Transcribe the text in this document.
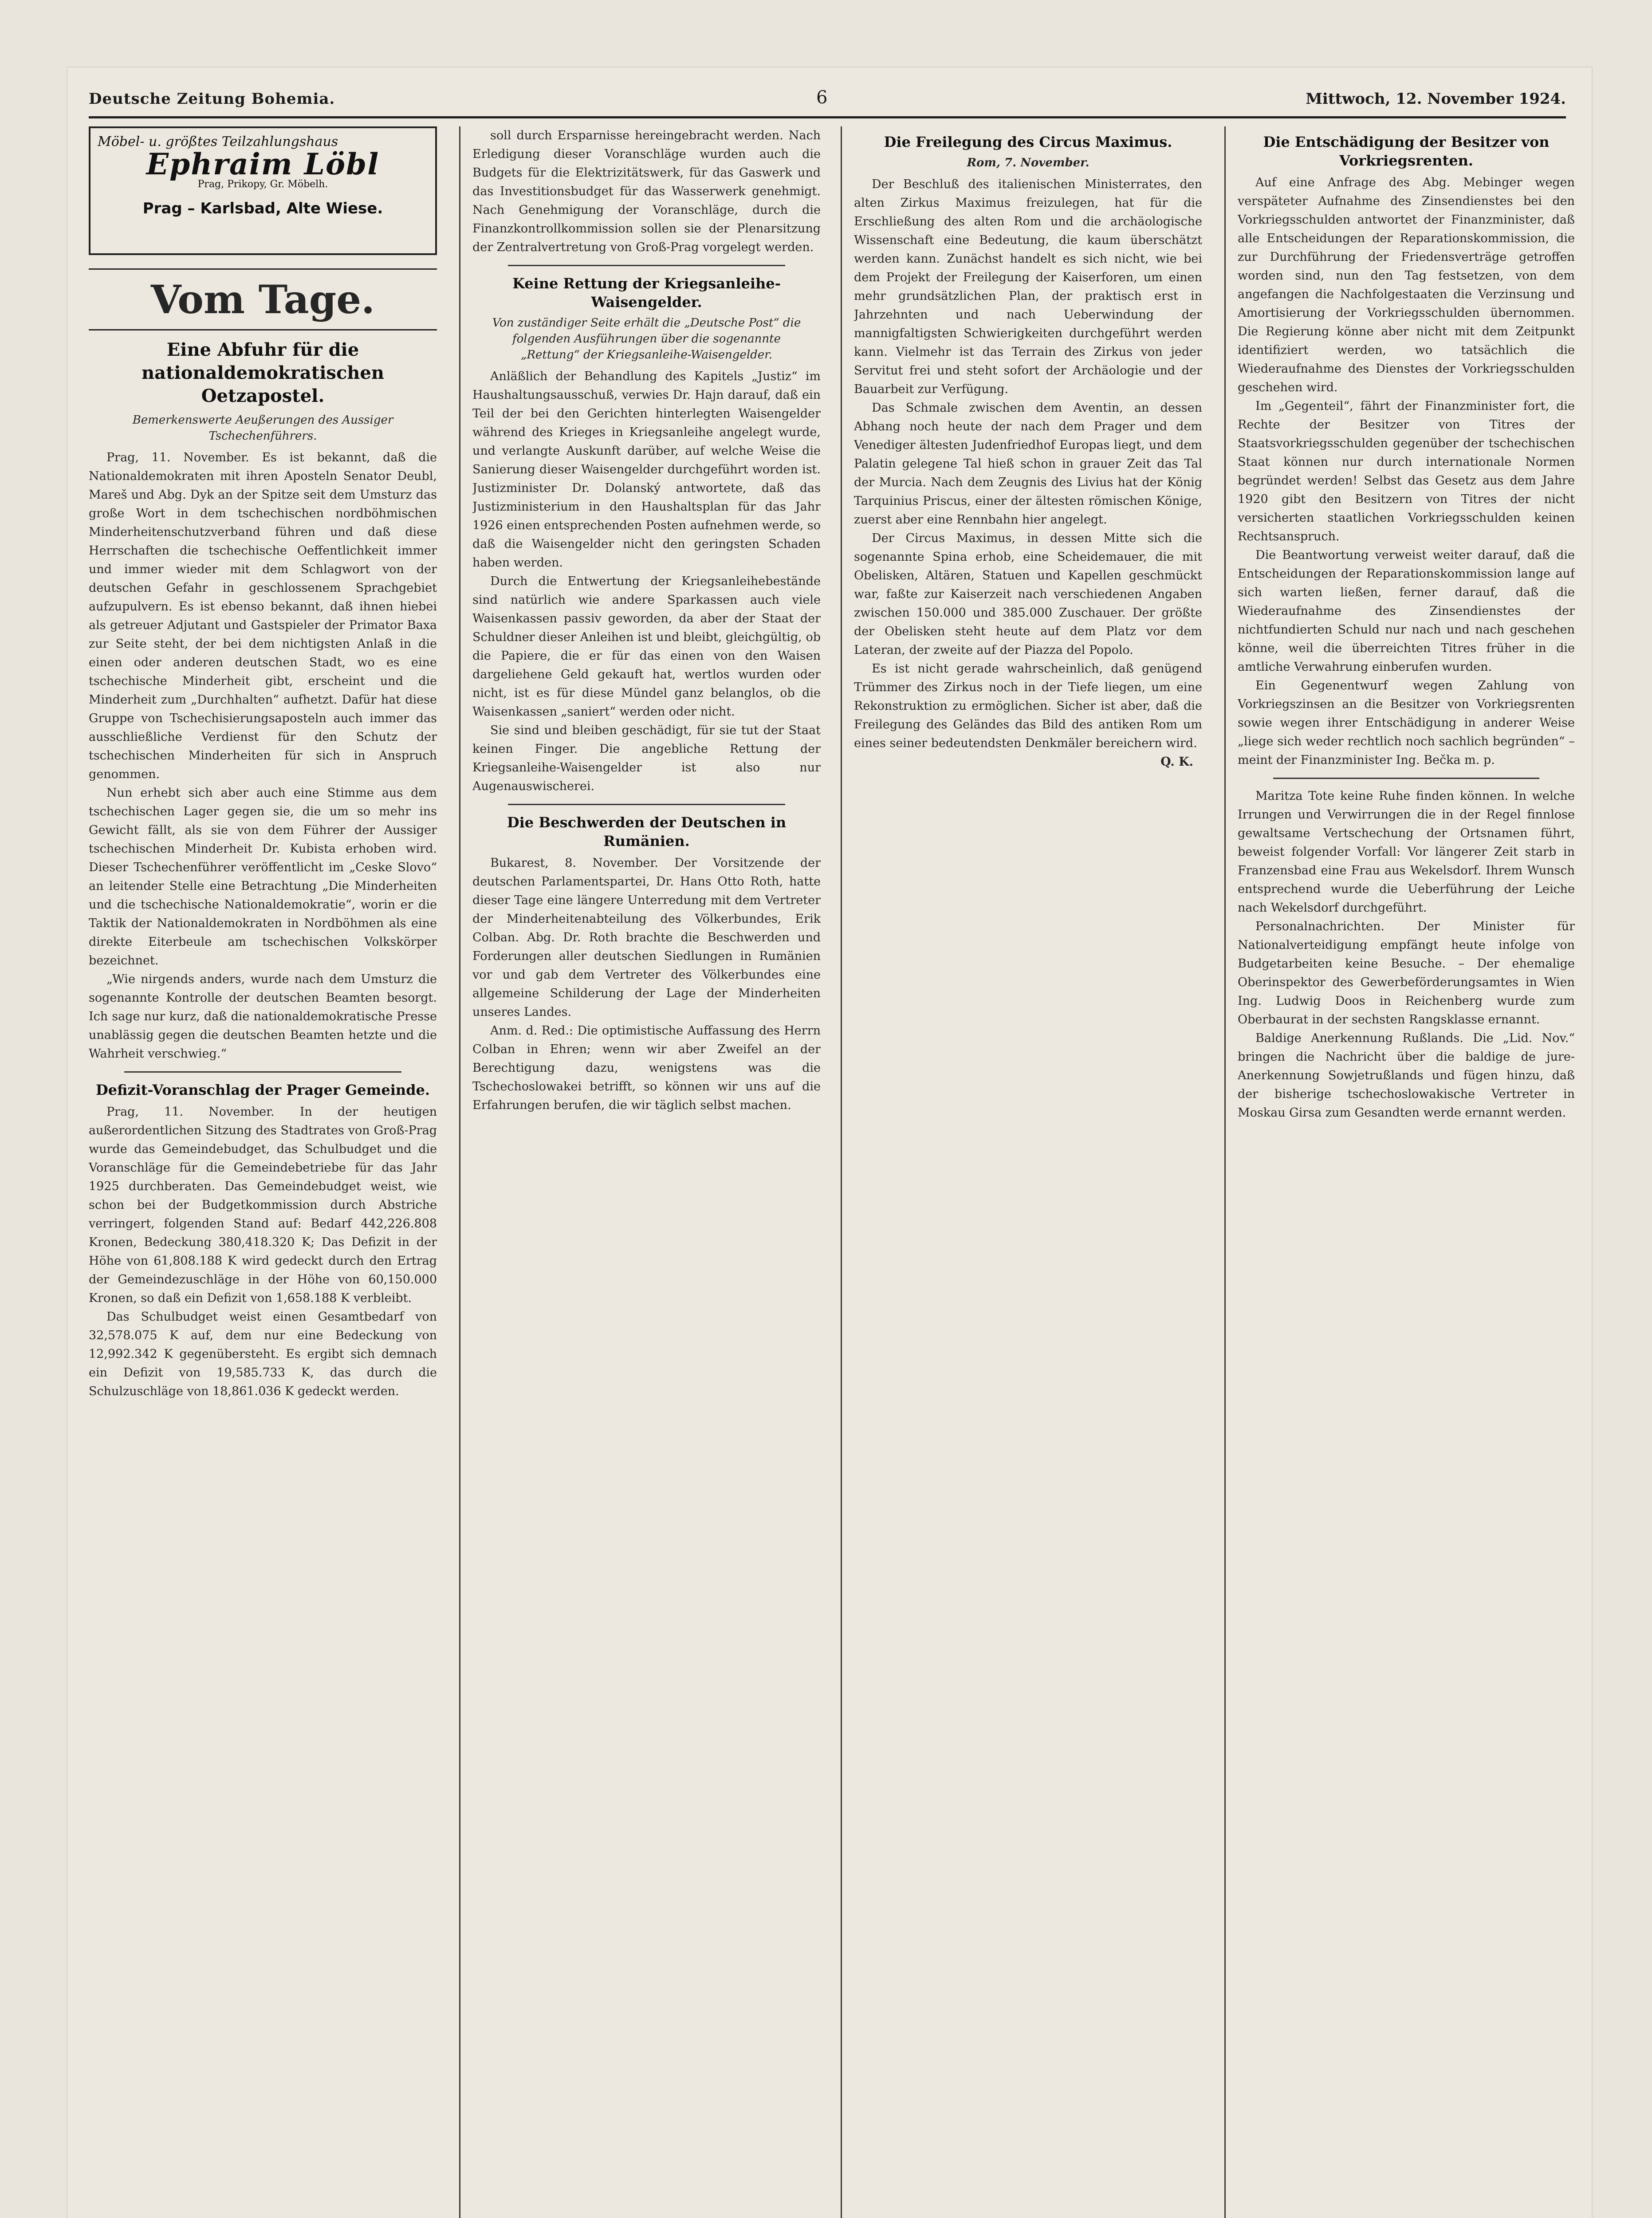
Deutsche Zeitung Bohemia.	6	Mittwoch, 12. November 1924.
Möbel- u. größtes Teilzahlungshaus
Ephraim Löbl
Prag, Prikopy, Gr. Möbelh.
Prag – Karlsbad, Alte Wiese.
Vom Tage.
Eine Abfuhr für die nationaldemokratischen Oetzapostel.
Bemerkenswerte Aeußerungen des Aussiger Tschechenführers.

Prag, 11. November. Es ist bekannt, daß die Nationaldemokraten mit ihren Aposteln Senator Deubl, Mareš und Abg. Dyk an der Spitze seit dem Umsturz das große Wort in dem tschechischen nordböhmischen Minderheitenschutzverband führen und daß diese Herrschaften die tschechische Oeffentlichkeit immer und immer wieder mit dem Schlagwort von der deutschen Gefahr in geschlossenem Sprachgebiet aufzupulvern. Es ist ebenso bekannt, daß ihnen hiebei als getreuer Adjutant und Gastspieler der Primator Baxa zur Seite steht, der bei dem nichtigsten Anlaß in die einen oder anderen deutschen Stadt, wo es eine tschechische Minderheit gibt, erscheint und die Minderheit zum „Durchhalten“ aufhetzt. Dafür hat diese Gruppe von Tschechisierungsaposteln auch immer das ausschließliche Verdienst für den Schutz der tschechischen Minderheiten für sich in Anspruch genommen.

Nun erhebt sich aber auch eine Stimme aus dem tschechischen Lager gegen sie, die um so mehr ins Gewicht fällt, als sie von dem Führer der Aussiger tschechischen Minderheit Dr. Kubista erhoben wird. Dieser Tschechenführer veröffentlicht im „Ceske Slovo“ an leitender Stelle eine Betrachtung „Die Minderheiten und die tschechische Nationaldemokratie“, worin er die Taktik der Nationaldemokraten in Nordböhmen als eine direkte Eiterbeule am tschechischen Volkskörper bezeichnet.

„Wie nirgends anders, wurde nach dem Umsturz die sogenannte Kontrolle der deutschen Beamten besorgt. Ich sage nur kurz, daß die nationaldemokratische Presse unablässig gegen die deutschen Beamten hetzte und die Wahrheit verschwieg.“

Defizit-Voranschlag der Prager Gemeinde.

Prag, 11. November. In der heutigen außerordentlichen Sitzung des Stadtrates von Groß-Prag wurde das Gemeindebudget, das Schulbudget und die Voranschläge für die Gemeindebetriebe für das Jahr 1925 durchberaten. Das Gemeindebudget weist, wie schon bei der Budgetkommission durch Abstriche verringert, folgenden Stand auf: Bedarf 442,226.808 Kronen, Bedeckung 380,418.320 K; Das Defizit in der Höhe von 61,808.188 K wird gedeckt durch den Ertrag der Gemeindezuschläge in der Höhe von 60,150.000 Kronen, so daß ein Defizit von 1,658.188 K verbleibt.

Das Schulbudget weist einen Gesamtbedarf von 32,578.075 K auf, dem nur eine Bedeckung von 12,992.342 K gegenübersteht. Es ergibt sich demnach ein Defizit von 19,585.733 K, das durch die Schulzuschläge von 18,861.036 K gedeckt werden.

soll durch Ersparnisse hereingebracht werden. Nach Erledigung dieser Voranschläge wurden auch die Budgets für die Elektrizitätswerk, für das Gaswerk und das Investitionsbudget für das Wasserwerk genehmigt. Nach Genehmigung der Voranschläge, durch die Finanzkontrollkommission sollen sie der Plenarsitzung der Zentralvertretung von Groß-Prag vorgelegt werden.

Keine Rettung der Kriegsanleihe-Waisengelder.
Von zuständiger Seite erhält die „Deutsche Post“ die folgenden Ausführungen über die sogenannte „Rettung“ der Kriegsanleihe-Waisengelder.

Anläßlich der Behandlung des Kapitels „Justiz“ im Haushaltungsausschuß, verwies Dr. Hajn darauf, daß ein Teil der bei den Gerichten hinterlegten Waisengelder während des Krieges in Kriegsanleihe angelegt wurde, und verlangte Auskunft darüber, auf welche Weise die Sanierung dieser Waisengelder durchgeführt worden ist. Justizminister Dr. Dolanský antwortete, daß das Justizministerium in den Haushaltsplan für das Jahr 1926 einen entsprechenden Posten aufnehmen werde, so daß die Waisengelder nicht den geringsten Schaden haben werden.

Durch die Entwertung der Kriegsanleihebestände sind natürlich wie andere Sparkassen auch viele Waisenkassen passiv geworden, da aber der Staat der Schuldner dieser Anleihen ist und bleibt, gleichgültig, ob die Papiere, die er für das einen von den Waisen dargeliehene Geld gekauft hat, wertlos wurden oder nicht, ist es für diese Mündel ganz belanglos, ob die Waisenkassen „saniert“ werden oder nicht.

Sie sind und bleiben geschädigt, für sie tut der Staat keinen Finger. Die angebliche Rettung der Kriegsanleihe-Waisengelder ist also nur Augenauswischerei.

Die Beschwerden der Deutschen in Rumänien.

Bukarest, 8. November. Der Vorsitzende der deutschen Parlamentspartei, Dr. Hans Otto Roth, hatte dieser Tage eine längere Unterredung mit dem Vertreter der Minderheitenabteilung des Völkerbundes, Erik Colban. Abg. Dr. Roth brachte die Beschwerden und Forderungen aller deutschen Siedlungen in Rumänien vor und gab dem Vertreter des Völkerbundes eine allgemeine Schilderung der Lage der Minderheiten unseres Landes.

Anm. d. Red.: Die optimistische Auffassung des Herrn Colban in Ehren; wenn wir aber Zweifel an der Berechtigung dazu, wenigstens was die Tschechoslowakei betrifft, so können wir uns auf die Erfahrungen berufen, die wir täglich selbst machen.

Die Freilegung des Circus Maximus.
Rom, 7. November.

Der Beschluß des italienischen Ministerrates, den alten Zirkus Maximus freizulegen, hat für die Erschließung des alten Rom und die archäologische Wissenschaft eine Bedeutung, die kaum überschätzt werden kann. Zunächst handelt es sich nicht, wie bei dem Projekt der Freilegung der Kaiserforen, um einen mehr grundsätzlichen Plan, der praktisch erst in Jahrzehnten und nach Ueberwindung der mannigfaltigsten Schwierigkeiten durchgeführt werden kann. Vielmehr ist das Terrain des Zirkus von jeder Servitut frei und steht sofort der Archäologie und der Bauarbeit zur Verfügung.

Das Schmale zwischen dem Aventin, an dessen Abhang noch heute der nach dem Prager und dem Venediger ältesten Judenfriedhof Europas liegt, und dem Palatin gelegene Tal hieß schon in grauer Zeit das Tal der Murcia. Nach dem Zeugnis des Livius hat der König Tarquinius Priscus, einer der ältesten römischen Könige, zuerst aber eine Rennbahn hier angelegt.

Der Circus Maximus, in dessen Mitte sich die sogenannte Spina erhob, eine Scheidemauer, die mit Obelisken, Altären, Statuen und Kapellen geschmückt war, faßte zur Kaiserzeit nach verschiedenen Angaben zwischen 150.000 und 385.000 Zuschauer. Der größte der Obelisken steht heute auf dem Platz vor dem Lateran, der zweite auf der Piazza del Popolo.

Es ist nicht gerade wahrscheinlich, daß genügend Trümmer des Zirkus noch in der Tiefe liegen, um eine Rekonstruktion zu ermöglichen. Sicher ist aber, daß die Freilegung des Geländes das Bild des antiken Rom um eines seiner bedeutendsten Denkmäler bereichern wird.

Q. K.
Die Entschädigung der Besitzer von Vorkriegsrenten.

Auf eine Anfrage des Abg. Mebinger wegen verspäteter Aufnahme des Zinsendienstes bei den Vorkriegsschulden antwortet der Finanzminister, daß alle Entscheidungen der Reparationskommission, die zur Durchführung der Friedensverträge getroffen worden sind, nun den Tag festsetzen, von dem angefangen die Nachfolgestaaten die Verzinsung und Amortisierung der Vorkriegsschulden übernommen. Die Regierung könne aber nicht mit dem Zeitpunkt identifiziert werden, wo tatsächlich die Wiederaufnahme des Dienstes der Vorkriegsschulden geschehen wird.

Im „Gegenteil“, fährt der Finanzminister fort, die Rechte der Besitzer von Titres der Staatsvorkriegsschulden gegenüber der tschechischen Staat können nur durch internationale Normen begründet werden! Selbst das Gesetz aus dem Jahre 1920 gibt den Besitzern von Titres der nicht versicherten staatlichen Vorkriegsschulden keinen Rechtsanspruch.

Die Beantwortung verweist weiter darauf, daß die Entscheidungen der Reparationskommission lange auf sich warten ließen, ferner darauf, daß die Wiederaufnahme des Zinsendienstes der nichtfundierten Schuld nur nach und nach geschehen könne, weil die überreichten Titres früher in die amtliche Verwahrung einberufen wurden.

Ein Gegenentwurf wegen Zahlung von Vorkriegszinsen an die Besitzer von Vorkriegsrenten sowie wegen ihrer Entschädigung in anderer Weise „liege sich weder rechtlich noch sachlich begründen“ – meint der Finanzminister Ing. Bečka m. p.

Maritza Tote keine Ruhe finden können. In welche Irrungen und Verwirrungen die in der Regel finnlose gewaltsame Vertschechung der Ortsnamen führt, beweist folgender Vorfall: Vor längerer Zeit starb in Franzensbad eine Frau aus Wekelsdorf. Ihrem Wunsch entsprechend wurde die Ueberführung der Leiche nach Wekelsdorf durchgeführt.

Personalnachrichten. Der Minister für Nationalverteidigung empfängt heute infolge von Budgetarbeiten keine Besuche. – Der ehemalige Oberinspektor des Gewerbeförderungsamtes in Wien Ing. Ludwig Doos in Reichenberg wurde zum Oberbaurat in der sechsten Rangsklasse ernannt.

Baldige Anerkennung Rußlands. Die „Lid. Nov.“ bringen die Nachricht über die baldige de jure-Anerkennung Sowjetrußlands und fügen hinzu, daß der bisherige tschechoslowakische Vertreter in Moskau Girsa zum Gesandten werde ernannt werden.
